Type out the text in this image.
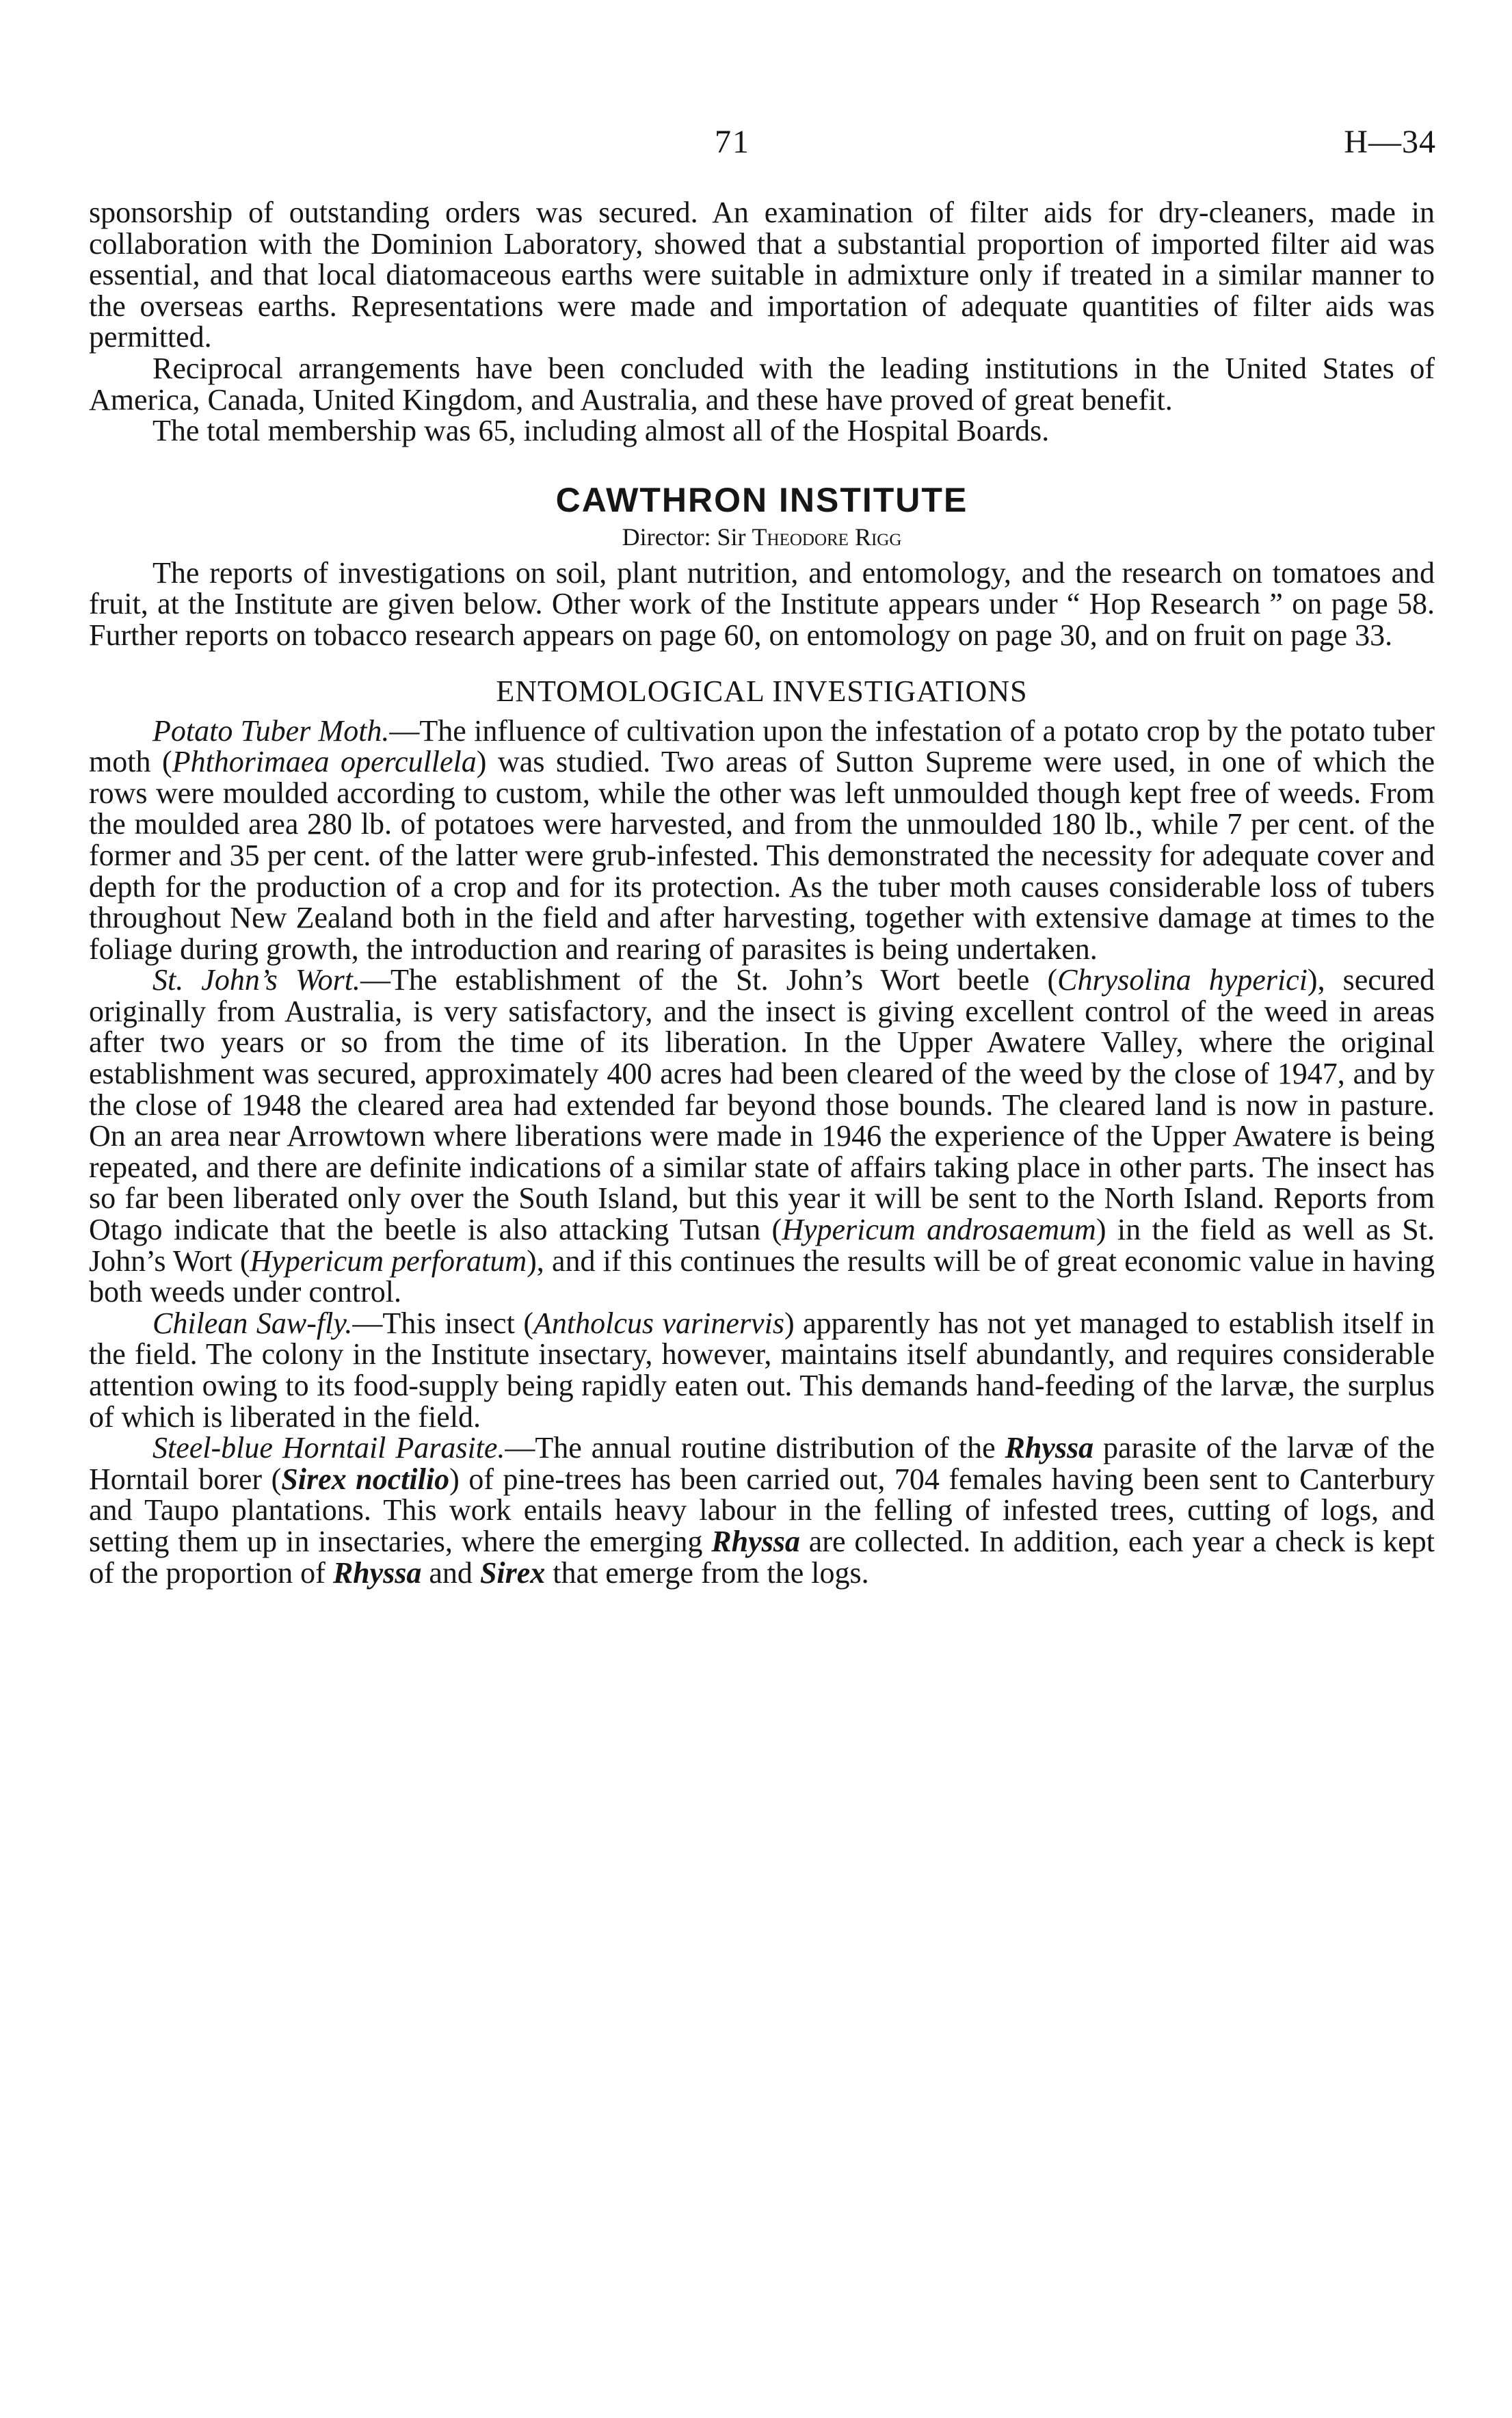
71	H—34

sponsorship of outstanding orders was secured. An examination of filter aids for dry-cleaners, made in collaboration with the Dominion Laboratory, showed that a substantial proportion of imported filter aid was essential, and that local diatomaceous earths were suitable in admixture only if treated in a similar manner to the overseas earths. Representations were made and importation of adequate quantities of filter aids was permitted.

Reciprocal arrangements have been concluded with the leading institutions in the United States of America, Canada, United Kingdom, and Australia, and these have proved of great benefit.

The total membership was 65, including almost all of the Hospital Boards.

CAWTHRON INSTITUTE
Director: Sir Theodore Rigg

The reports of investigations on soil, plant nutrition, and entomology, and the research on tomatoes and fruit, at the Institute are given below. Other work of the Institute appears under “ Hop Research ” on page 58. Further reports on tobacco research appears on page 60, on entomology on page 30, and on fruit on page 33.

ENTOMOLOGICAL INVESTIGATIONS

Potato Tuber Moth.—The influence of cultivation upon the infestation of a potato crop by the potato tuber moth (Phthorimaea opercullela) was studied. Two areas of Sutton Supreme were used, in one of which the rows were moulded according to custom, while the other was left unmoulded though kept free of weeds. From the moulded area 280 lb. of potatoes were harvested, and from the unmoulded 180 lb., while 7 per cent. of the former and 35 per cent. of the latter were grub-infested. This demonstrated the necessity for adequate cover and depth for the production of a crop and for its protection. As the tuber moth causes considerable loss of tubers throughout New Zealand both in the field and after harvesting, together with extensive damage at times to the foliage during growth, the introduction and rearing of parasites is being undertaken.

St. John’s Wort.—The establishment of the St. John’s Wort beetle (Chrysolina hyperici), secured originally from Australia, is very satisfactory, and the insect is giving excellent control of the weed in areas after two years or so from the time of its liberation. In the Upper Awatere Valley, where the original establishment was secured, approximately 400 acres had been cleared of the weed by the close of 1947, and by the close of 1948 the cleared area had extended far beyond those bounds. The cleared land is now in pasture. On an area near Arrowtown where liberations were made in 1946 the experience of the Upper Awatere is being repeated, and there are definite indications of a similar state of affairs taking place in other parts. The insect has so far been liberated only over the South Island, but this year it will be sent to the North Island. Reports from Otago indicate that the beetle is also attacking Tutsan (Hypericum androsaemum) in the field as well as St. John’s Wort (Hypericum perforatum), and if this continues the results will be of great economic value in having both weeds under control.

Chilean Saw-fly.—This insect (Antholcus varinervis) apparently has not yet managed to establish itself in the field. The colony in the Institute insectary, however, maintains itself abundantly, and requires considerable attention owing to its food-supply being rapidly eaten out. This demands hand-feeding of the larvæ, the surplus of which is liberated in the field.

Steel-blue Horntail Parasite.—The annual routine distribution of the Rhyssa parasite of the larvæ of the Horntail borer (Sirex noctilio) of pine-trees has been carried out, 704 females having been sent to Canterbury and Taupo plantations. This work entails heavy labour in the felling of infested trees, cutting of logs, and setting them up in insectaries, where the emerging Rhyssa are collected. In addition, each year a check is kept of the proportion of Rhyssa and Sirex that emerge from the logs.
